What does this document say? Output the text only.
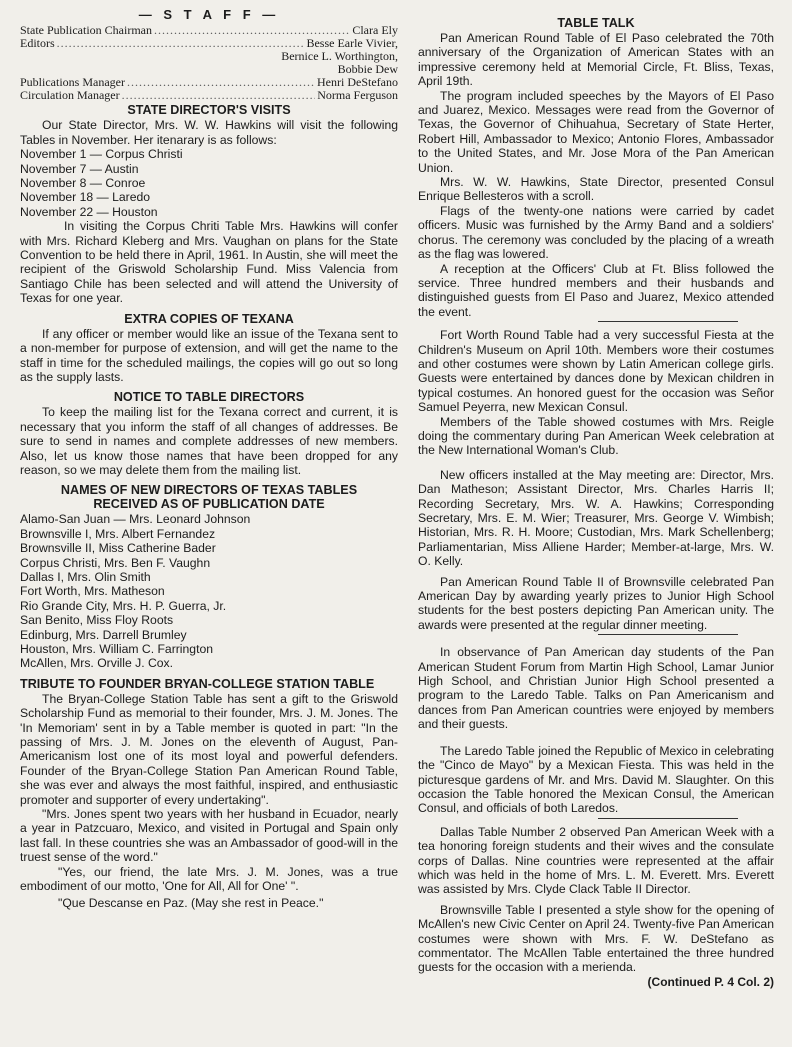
— S T A F F —
State Publication Chairman .....	Clara Ely
Editors .....	Besse Earle Vivier,
Bernice L. Worthington,
Bobbie Dew
Publications Manager .....	Henri DeStefano
Circulation Manager .....	Norma Ferguson
STATE DIRECTOR'S VISITS

Our State Director, Mrs. W. W. Hawkins will visit the following Tables in November. Her itenarary is as follows:

November 1 — Corpus Christi
November 7 — Austin
November 8 — Conroe
November 18 — Laredo
November 22 — Houston

In visiting the Corpus Chriti Table Mrs. Hawkins will confer with Mrs. Richard Kleberg and Mrs. Vaughan on plans for the State Convention to be held there in April, 1961. In Austin, she will meet the recipient of the Griswold Scholarship Fund. Miss Valencia from Santiago Chile has been selected and will attend the University of Texas for one year.

EXTRA COPIES OF TEXANA

If any officer or member would like an issue of the Texana sent to a non-member for purpose of extension, and will get the name to the staff in time for the scheduled mailings, the copies will go out so long as the supply lasts.

NOTICE TO TABLE DIRECTORS

To keep the mailing list for the Texana correct and current, it is necessary that you inform the staff of all changes of addresses. Be sure to send in names and complete addresses of new members. Also, let us know those names that have been dropped for any reason, so we may delete them from the mailing list.

NAMES OF NEW DIRECTORS OF TEXAS TABLES RECEIVED AS OF PUBLICATION DATE
Alamo-San Juan — Mrs. Leonard Johnson
Brownsville I, Mrs. Albert Fernandez
Brownsville II, Miss Catherine Bader
Corpus Christi, Mrs. Ben F. Vaughn
Dallas I, Mrs. Olin Smith
Fort Worth, Mrs. Matheson
Rio Grande City, Mrs. H. P. Guerra, Jr.
San Benito, Miss Floy Roots
Edinburg, Mrs. Darrell Brumley
Houston, Mrs. William C. Farrington
McAllen, Mrs. Orville J. Cox.
TRIBUTE TO FOUNDER BRYAN-COLLEGE STATION TABLE

The Bryan-College Station Table has sent a gift to the Griswold Scholarship Fund as memorial to their founder, Mrs. J. M. Jones. The 'In Memoriam' sent in by a Table member is quoted in part: "In the passing of Mrs. J. M. Jones on the eleventh of August, Pan-Americanism lost one of its most loyal and powerful defenders. Founder of the Bryan-College Station Pan American Round Table, she was ever and always the most faithful, inspired, and enthusiastic promoter and supporter of every undertaking".

"Mrs. Jones spent two years with her husband in Ecuador, nearly a year in Patzcuaro, Mexico, and visited in Portugal and Spain only last fall. In these countries she was an Ambassador of good-will in the truest sense of the word."

"Yes, our friend, the late Mrs. J. M. Jones, was a true embodiment of our motto, 'One for All, All for One' ".

"Que Descanse en Paz. (May she rest in Peace."

TABLE TALK

Pan American Round Table of El Paso celebrated the 70th anniversary of the Organization of American States with an impressive ceremony held at Memorial Circle, Ft. Bliss, Texas, April 19th.

The program included speeches by the Mayors of El Paso and Juarez, Mexico. Messages were read from the Governor of Texas, the Governor of Chihuahua, Secretary of State Herter, Robert Hill, Ambassador to Mexico; Antonio Flores, Ambassador to the United States, and Mr. Jose Mora of the Pan American Union.

Mrs. W. W. Hawkins, State Director, presented Consul Enrique Bellesteros with a scroll.

Flags of the twenty-one nations were carried by cadet officers. Music was furnished by the Army Band and a soldiers' chorus. The ceremony was concluded by the placing of a wreath as the flag was lowered.

A reception at the Officers' Club at Ft. Bliss followed the service. Three hundred members and their husbands and distinguished guests from El Paso and Juarez, Mexico attended the event.

Fort Worth Round Table had a very successful Fiesta at the Children's Museum on April 10th. Members wore their costumes and other costumes were shown by Latin American college girls. Guests were entertained by dances done by Mexican children in typical costumes. An honored guest for the occasion was Señor Samuel Peyerra, new Mexican Consul.

Members of the Table showed costumes with Mrs. Reigle doing the commentary during Pan American Week celebration at the New International Woman's Club.

New officers installed at the May meeting are: Director, Mrs. Dan Matheson; Assistant Director, Mrs. Charles Harris II; Recording Secretary, Mrs. W. A. Hawkins; Corresponding Secretary, Mrs. E. M. Wier; Treasurer, Mrs. George V. Wimbish; Historian, Mrs. R. H. Moore; Custodian, Mrs. Mark Schellenberg; Parliamentarian, Miss Alliene Harder; Member-at-large, Mrs. W. O. Kelly.

Pan American Round Table II of Brownsville celebrated Pan American Day by awarding yearly prizes to Junior High School students for the best posters depicting Pan American unity. The awards were presented at the regular dinner meeting.

In observance of Pan American day students of the Pan American Student Forum from Martin High School, Lamar Junior High School, and Christian Junior High School presented a program to the Laredo Table. Talks on Pan Americanism and dances from Pan American countries were enjoyed by members and their guests.

The Laredo Table joined the Republic of Mexico in celebrating the "Cinco de Mayo" by a Mexican Fiesta. This was held in the picturesque gardens of Mr. and Mrs. David M. Slaughter. On this occasion the Table honored the Mexican Consul, the American Consul, and officials of both Laredos.

Dallas Table Number 2 observed Pan American Week with a tea honoring foreign students and their wives and the consulate corps of Dallas. Nine countries were represented at the affair which was held in the home of Mrs. L. M. Everett. Mrs. Everett was assisted by Mrs. Clyde Clack Table II Director.

Brownsville Table I presented a style show for the opening of McAllen's new Civic Center on April 24. Twenty-five Pan American costumes were shown with Mrs. F. W. DeStefano as commentator. The McAllen Table entertained the three hundred guests for the occasion with a merienda.

(Continued P. 4 Col. 2)
